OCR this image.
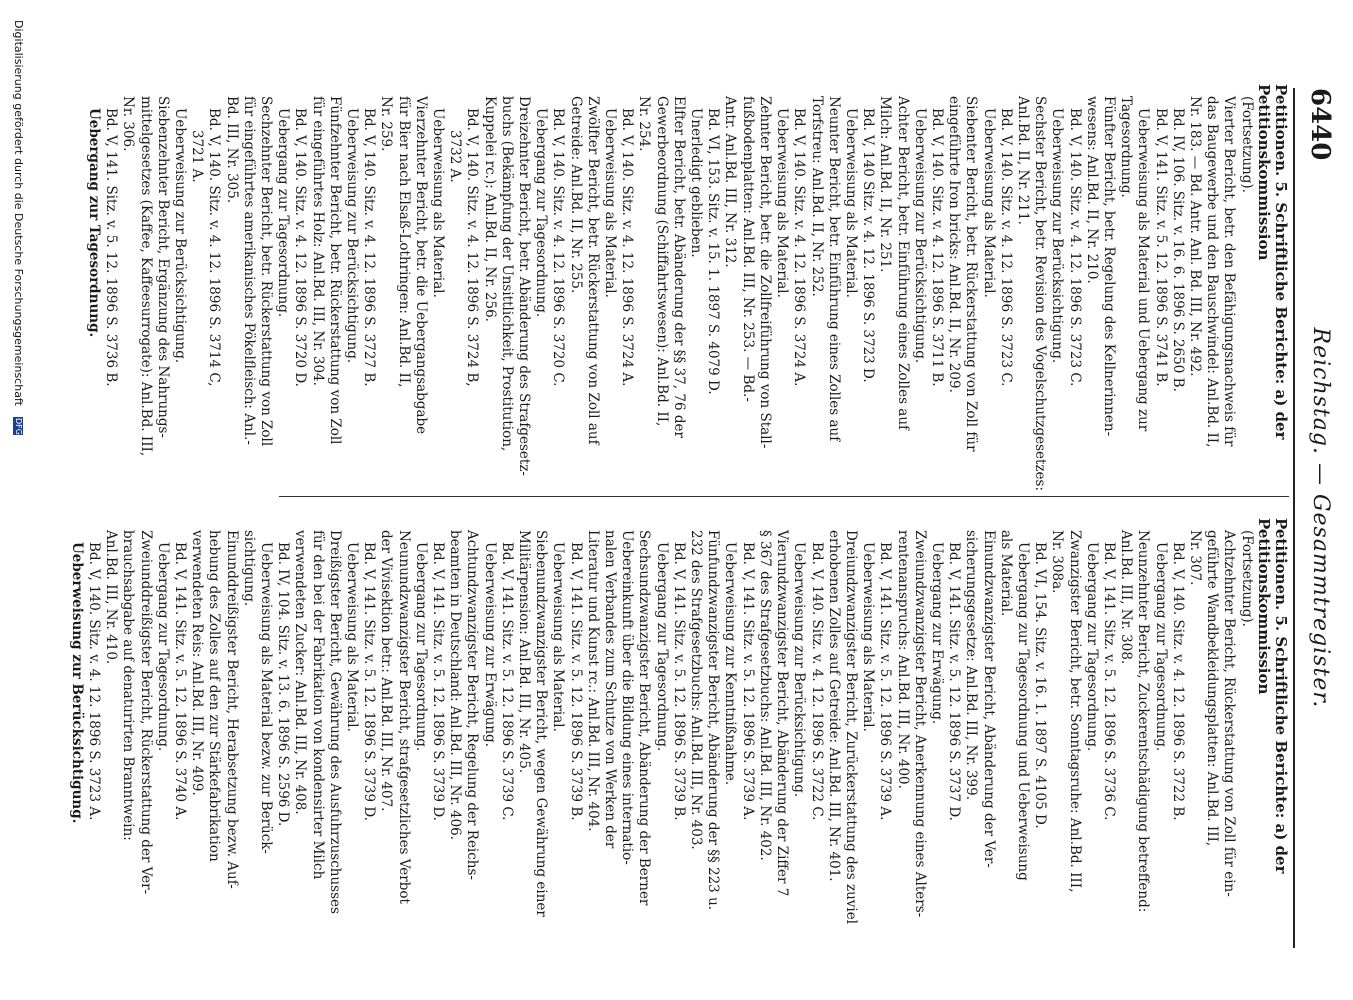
6440
Reichstag. — Gesammtregister.
Petitionen. 5. Schriftliche Berichte: a) der Petitionskommission
(Fortsetzung).
Vierter Bericht, betr. den Befähigungsnachweis für
das Baugewerbe und den Bauschwindel: Anl.Bd. II,
Nr. 183. — Bd. Antr. Anl. Bd. III, Nr. 492.
Bd. IV, 106. Sitz. v. 16. 6. 1896 S. 2650 B.
Bd. V, 141. Sitz. v. 5. 12. 1896 S. 3741 B.
Ueberweisung als Material und Uebergang zur
Tagesordnung.
Fünfter Bericht, betr. Regelung des Kellnerinnen-
wesens: Anl.Bd. II, Nr. 210.
Bd. V, 140. Sitz. v. 4. 12. 1896 S. 3723 C.
Ueberweisung zur Berücksichtigung.
Sechster Bericht, betr. Revision des Vogelschutzgesetzes:
Anl.Bd. II, Nr. 211.
Bd. V, 140. Sitz. v. 4. 12. 1896 S. 3723 C.
Ueberweisung als Material.
Siebenter Bericht, betr. Rückerstattung von Zoll für
eingeführte Iron bricks: Anl.Bd. II, Nr. 209.
Bd. V, 140. Sitz. v. 4. 12. 1896 S. 3711 B.
Ueberweisung zur Berücksichtigung.
Achter Bericht, betr. Einführung eines Zolles auf
Milch: Anl.Bd. II, Nr. 251.
Bd. V, 140 Sitz. v. 4. 12. 1896 S. 3723 D.
Ueberweisung als Material.
Neunter Bericht, betr. Einführung eines Zolles auf
Torfstreu: Anl.Bd. II, Nr. 252.
Bd. V, 140. Sitz. v. 4. 12. 1896 S. 3724 A.
Ueberweisung als Material.
Zehnter Bericht, betr. die Zollfreiführung von Stall-
fußbodenplatten: Anl.Bd. III, Nr. 253. — Bd.-
Antr. Anl.Bd. III, Nr. 312.
Bd. VI, 153. Sitz. v. 15. 1. 1897 S. 4079 D.
Unerledigt geblieben.
Elfter Bericht, betr. Abänderung der §§ 37, 76 der
Gewerbeordnung (Schiffahrtswesen): Anl.Bd. II,
Nr. 254.
Bd. V, 140. Sitz. v. 4. 12. 1896 S. 3724 A.
Ueberweisung als Material.
Zwölfter Bericht, betr. Rückerstattung von Zoll auf
Getreide: Anl.Bd. II, Nr. 255.
Bd. V, 140. Sitz. v. 4. 12. 1896 S. 3720 C.
Uebergang zur Tagesordnung.
Dreizehnter Bericht, betr. Abänderung des Strafgesetz-
buchs (Bekämpfung der Unsittlichkeit, Prostitution,
Kuppelei rc.): Anl.Bd. II, Nr. 256.
Bd. V, 140. Sitz. v. 4. 12. 1896 S. 3724 B,
3732 A.
Ueberweisung als Material.
Vierzehnter Bericht, betr. die Uebergangsabgabe
für Bier nach Elsaß-Lothringen: Anl.Bd. II,
Nr. 259.
Bd. V, 140. Sitz. v. 4. 12. 1896 S. 3727 B.
Ueberweisung zur Berücksichtigung.
Fünfzehnter Bericht, betr. Rückerstattung von Zoll
für eingeführtes Holz: Anl.Bd. III, Nr. 304.
Bd. V, 140. Sitz. v. 4. 12. 1896 S. 3720 D.
Uebergang zur Tagesordnung.
Sechzehnter Bericht, betr. Rückerstattung von Zoll
für eingeführtes amerikanisches Pökelfleisch: Anl.-
Bd. III, Nr. 305.
Bd. V, 140. Sitz. v. 4. 12. 1896 S. 3714 C,
3721 A.
Ueberweisung zur Berücksichtigung.
Siebenzehnter Bericht, Ergänzung des Nahrungs-
mittelgesetzes (Kaffee, Kaffeesurrogate): Anl.Bd. III,
Nr. 306.
Bd. V, 141. Sitz. v. 5. 12. 1896 S. 3736 B.
Uebergang zur Tagesordnung.
Petitionen. 5. Schriftliche Berichte: a) der Petitionskommission
(Fortsetzung).
Achtzehnter Bericht, Rückerstattung von Zoll für ein-
geführte Wandbekleidungsplatten: Anl.Bd. III,
Nr. 307.
Bd. V, 140. Sitz. v. 4. 12. 1896 S. 3722 B.
Uebergang zur Tagesordnung.
Neunzehnter Bericht, Zuckerentschädigung betreffend:
Anl.Bd. III, Nr. 308.
Bd. V, 141. Sitz. v. 5. 12. 1896 S. 3736 C.
Uebergang zur Tagesordnung.
Zwanzigster Bericht, betr. Sonntagsruhe: Anl.Bd. III,
Nr. 308a.
Bd. VI, 154. Sitz. v. 16. 1. 1897 S. 4105 D.
Uebergang zur Tagesordnung und Ueberweisung
als Material.
Einundzwanzigster Bericht, Abänderung der Ver-
sicherungsgesetze: Anl.Bd. III, Nr. 399.
Bd. V, 141. Sitz. v. 5. 12. 1896 S. 3737 D.
Uebergang zur Erwägung.
Zweiundzwanzigster Bericht, Anerkennung eines Alters-
rentenanspruchs: Anl.Bd. III, Nr. 400.
Bd. V, 141. Sitz. v. 5. 12. 1896 S. 3739 A.
Ueberweisung als Material.
Dreiundzwanzigster Bericht, Zurückerstattung des zuviel
erhobenen Zolles auf Getreide: Anl.Bd. III, Nr. 401.
Bd. V, 140. Sitz. v. 4. 12. 1896 S. 3722 C.
Ueberweisung zur Berücksichtigung.
Vierundzwanzigster Bericht, Abänderung der Ziffer 7
§ 367 des Strafgesetzbuchs: Anl.Bd. III, Nr. 402.
Bd. V, 141. Sitz. v. 5. 12. 1896 S. 3739 A.
Ueberweisung zur Kenntnißnahme.
Fünfundzwanzigster Bericht, Abänderung der §§ 223 u.
232 des Strafgesetzbuchs: Anl.Bd. III, Nr. 403.
Bd. V, 141. Sitz. v. 5. 12. 1896 S. 3739 B.
Uebergang zur Tagesordnung.
Sechsundzwanzigster Bericht, Abänderung der Berner
Uebereinkunft über die Bildung eines internatio-
nalen Verbandes zum Schutze von Werken der
Literatur und Kunst rc.: Anl.Bd. III, Nr. 404.
Bd. V, 141. Sitz. v. 5. 12. 1896 S. 3739 B.
Ueberweisung als Material.
Siebenundzwanzigster Bericht, wegen Gewährung einer
Militärpension: Anl.Bd. III, Nr. 405.
Bd. V, 141. Sitz. v. 5. 12. 1896 S. 3739 C.
Ueberweisung zur Erwägung.
Achtundzwanzigster Bericht, Regelung der Reichs-
beamten in Deutschland: Anl.Bd. III, Nr. 406.
Bd. V, 141. Sitz. v. 5. 12. 1896 S. 3739 D.
Uebergang zur Tagesordnung.
Neunundzwanzigster Bericht, strafgesetzliches Verbot
der Vivisektion betr.: Anl.Bd. III, Nr. 407.
Bd. V, 141. Sitz. v. 5. 12. 1896 S. 3739 D.
Ueberweisung als Material.
Dreißigster Bericht, Gewährung des Ausfuhrzuschusses
für den bei der Fabrikation von kondensirter Milch
verwendeten Zucker: Anl.Bd. III, Nr. 408.
Bd. IV, 104. Sitz. v. 13. 6. 1896 S. 2596 D.
Ueberweisung als Material bezw. zur Berück-
sichtigung.
Einunddreißigster Bericht, Herabsetzung bezw. Auf-
hebung des Zolles auf den zur Stärkefabrikation
verwendeten Reis: Anl.Bd. III, Nr. 409.
Bd. V, 141. Sitz. v. 5. 12. 1896 S. 3740 A.
Uebergang zur Tagesordnung.
Zweiunddreißigster Bericht, Rückerstattung der Ver-
brauchsabgabe auf denaturirten Branntwein:
Anl.Bd. III, Nr. 410.
Bd. V, 140. Sitz. v. 4. 12. 1896 S. 3723 A.
Ueberweisung zur Berücksichtigung.
Digitalisierung gefördert durch die Deutsche Forschungsgemeinschaft DFG
